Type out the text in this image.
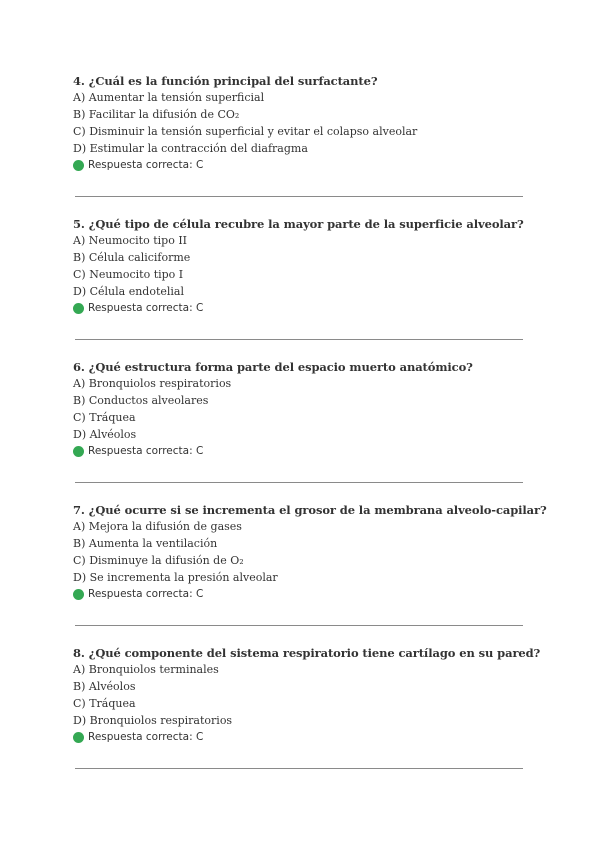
4. ¿Cuál es la función principal del surfactante?
A) Aumentar la tensión superficial
B) Facilitar la difusión de CO₂
C) Disminuir la tensión superficial y evitar el colapso alveolar
D) Estimular la contracción del diafragma
Respuesta correcta: C
5. ¿Qué tipo de célula recubre la mayor parte de la superficie alveolar?
A) Neumocito tipo II
B) Célula caliciforme
C) Neumocito tipo I
D) Célula endotelial
Respuesta correcta: C
6. ¿Qué estructura forma parte del espacio muerto anatómico?
A) Bronquiolos respiratorios
B) Conductos alveolares
C) Tráquea
D) Alvéolos
Respuesta correcta: C
7. ¿Qué ocurre si se incrementa el grosor de la membrana alveolo-capilar?
A) Mejora la difusión de gases
B) Aumenta la ventilación
C) Disminuye la difusión de O₂
D) Se incrementa la presión alveolar
Respuesta correcta: C
8. ¿Qué componente del sistema respiratorio tiene cartílago en su pared?
A) Bronquiolos terminales
B) Alvéolos
C) Tráquea
D) Bronquiolos respiratorios
Respuesta correcta: C
